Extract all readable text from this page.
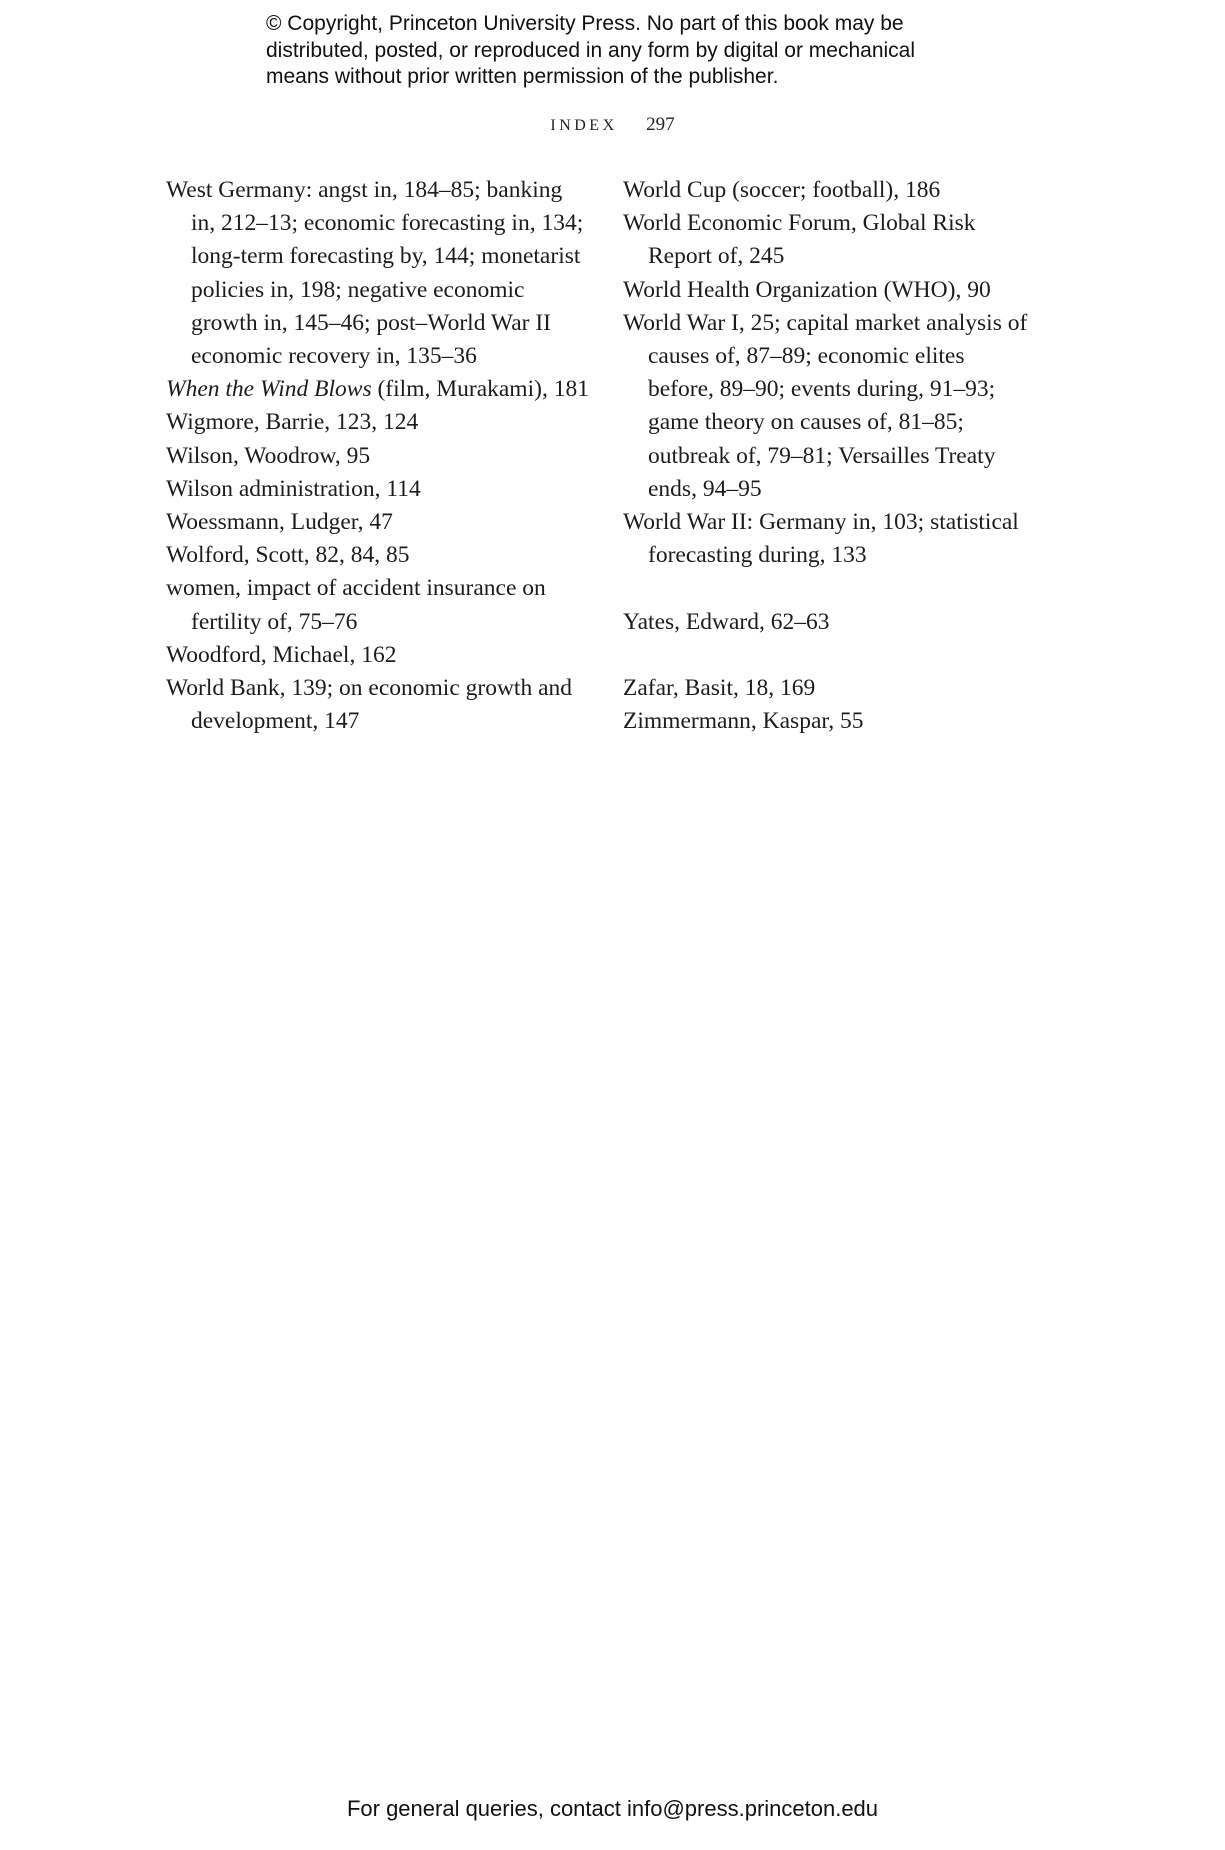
© Copyright, Princeton University Press. No part of this book may be
distributed, posted, or reproduced in any form by digital or mechanical
means without prior written permission of the publisher.
INDEX 297
West Germany: angst in, 184–85; banking
in, 212–13; economic forecasting in, 134;
long-term forecasting by, 144; monetarist
policies in, 198; negative economic
growth in, 145–46; post–World War II
economic recovery in, 135–36
When the Wind Blows (film, Murakami), 181
Wigmore, Barrie, 123, 124
Wilson, Woodrow, 95
Wilson administration, 114
Woessmann, Ludger, 47
Wolford, Scott, 82, 84, 85
women, impact of accident insurance on
fertility of, 75–76
Woodford, Michael, 162
World Bank, 139; on economic growth and
development, 147
World Cup (soccer; football), 186
World Economic Forum, Global Risk
Report of, 245
World Health Organization (WHO), 90
World War I, 25; capital market analysis of
causes of, 87–89; economic elites
before, 89–90; events during, 91–93;
game theory on causes of, 81–85;
outbreak of, 79–81; Versailles Treaty
ends, 94–95
World War II: Germany in, 103; statistical
forecasting during, 133
Yates, Edward, 62–63
Zafar, Basit, 18, 169
Zimmermann, Kaspar, 55
For general queries, contact info@press.princeton.edu
